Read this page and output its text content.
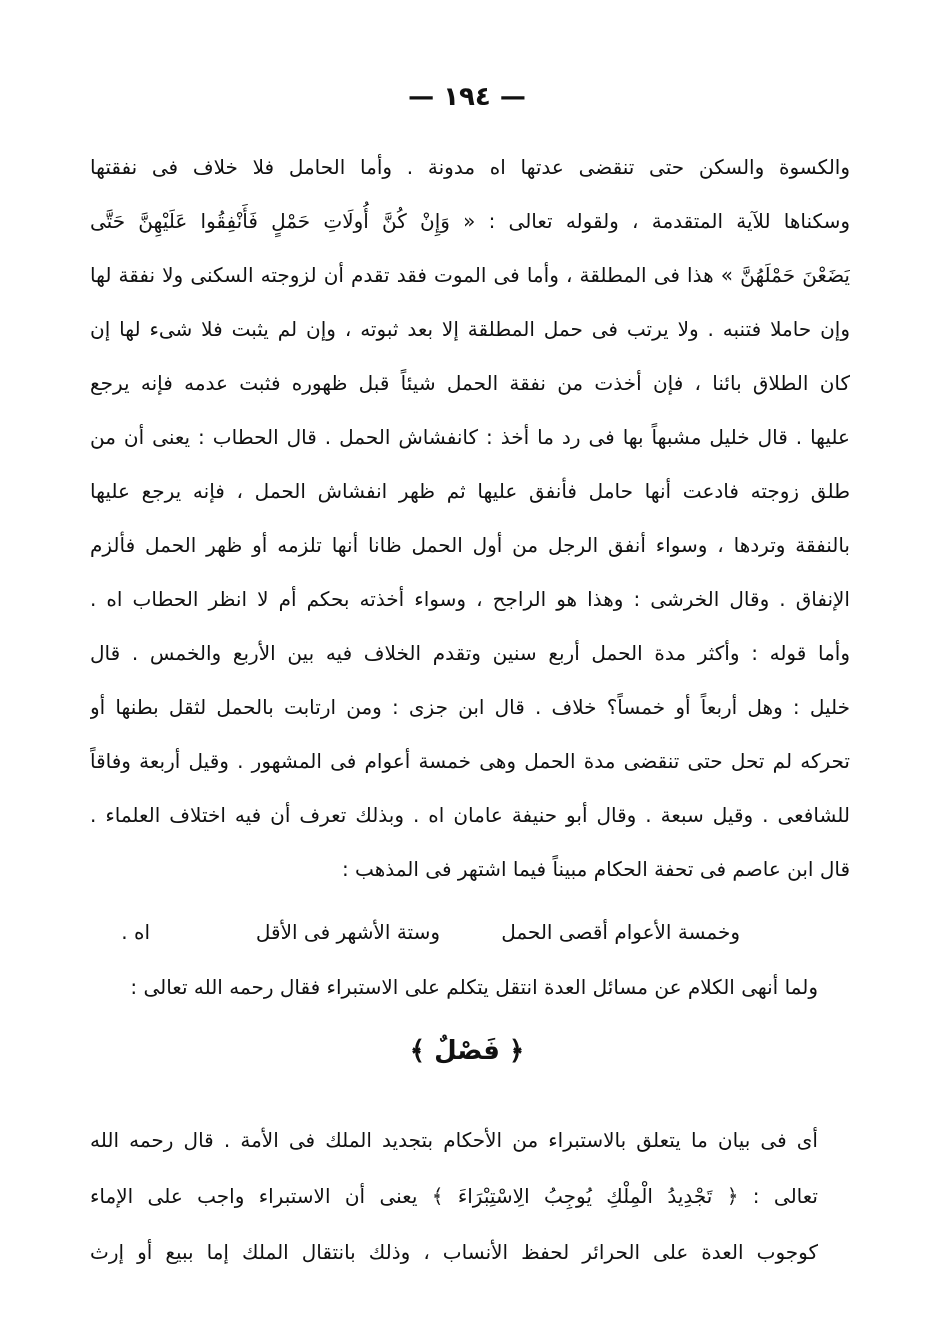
— ١٩٤ —
والكسوة والسكن حتى تنقضى عدتها اه مدونة . وأما الحامل فلا خلاف فى نفقتها
وسكناها للآية المتقدمة ، ولقوله تعالى : « وَإِنْ كُنَّ أُولَاتِ حَمْلٍ فَأَنْفِقُوا عَلَيْهِنَّ حَتَّى
يَضَعْنَ حَمْلَهُنَّ » هذا فى المطلقة ، وأما فى الموت فقد تقدم أن لزوجته السكنى ولا نفقة لها
وإن حاملا فتنبه . ولا يرتب فى حمل المطلقة إلا بعد ثبوته ، وإن لم يثبت فلا شىء لها إن
كان الطلاق بائنا ، فإن أخذت من نفقة الحمل شيئاً قبل ظهوره فثبت عدمه فإنه يرجع
عليها . قال خليل مشبهاً بها فى رد ما أخذ : كانفشاش الحمل . قال الحطاب : يعنى أن من
طلق زوجته فادعت أنها حامل فأنفق عليها ثم ظهر انفشاش الحمل ، فإنه يرجع عليها
بالنفقة وتردها ، وسواء أنفق الرجل من أول الحمل ظانا أنها تلزمه أو ظهر الحمل فألزم
الإنفاق . وقال الخرشى : وهذا هو الراجح ، وسواء أخذته بحكم أم لا انظر الحطاب اه .
وأما قوله : وأكثر مدة الحمل أربع سنين وتقدم الخلاف فيه بين الأربع والخمس . قال
خليل : وهل أربعاً أو خمساً؟ خلاف . قال ابن جزى : ومن ارتابت بالحمل لثقل بطنها أو
تحركه لم تحل حتى تنقضى مدة الحمل وهى خمسة أعوام فى المشهور . وقيل أربعة وفاقاً
للشافعى . وقيل سبعة . وقال أبو حنيفة عامان اه . وبذلك تعرف أن فيه اختلاف العلماء .
قال ابن عاصم فى تحفة الحكام مبيناً فيما اشتهر فى المذهب :
وخمسة الأعوام أقصى الحمل
وستة الأشهر فى الأقل
اه .
ولما أنهى الكلام عن مسائل العدة انتقل يتكلم على الاستبراء فقال رحمه الله تعالى :
﴿ فَصْلٌ ﴾
أى فى بيان ما يتعلق بالاستبراء من الأحكام بتجديد الملك فى الأمة . قال رحمه الله
تعالى : ﴿ تَجْدِيدُ الْمِلْكِ يُوجِبُ الِاسْتِبْرَاءَ ﴾ يعنى أن الاستبراء واجب على الإماء
كوجوب العدة على الحرائر لحفظ الأنساب ، وذلك بانتقال الملك إما ببيع أو إرث
